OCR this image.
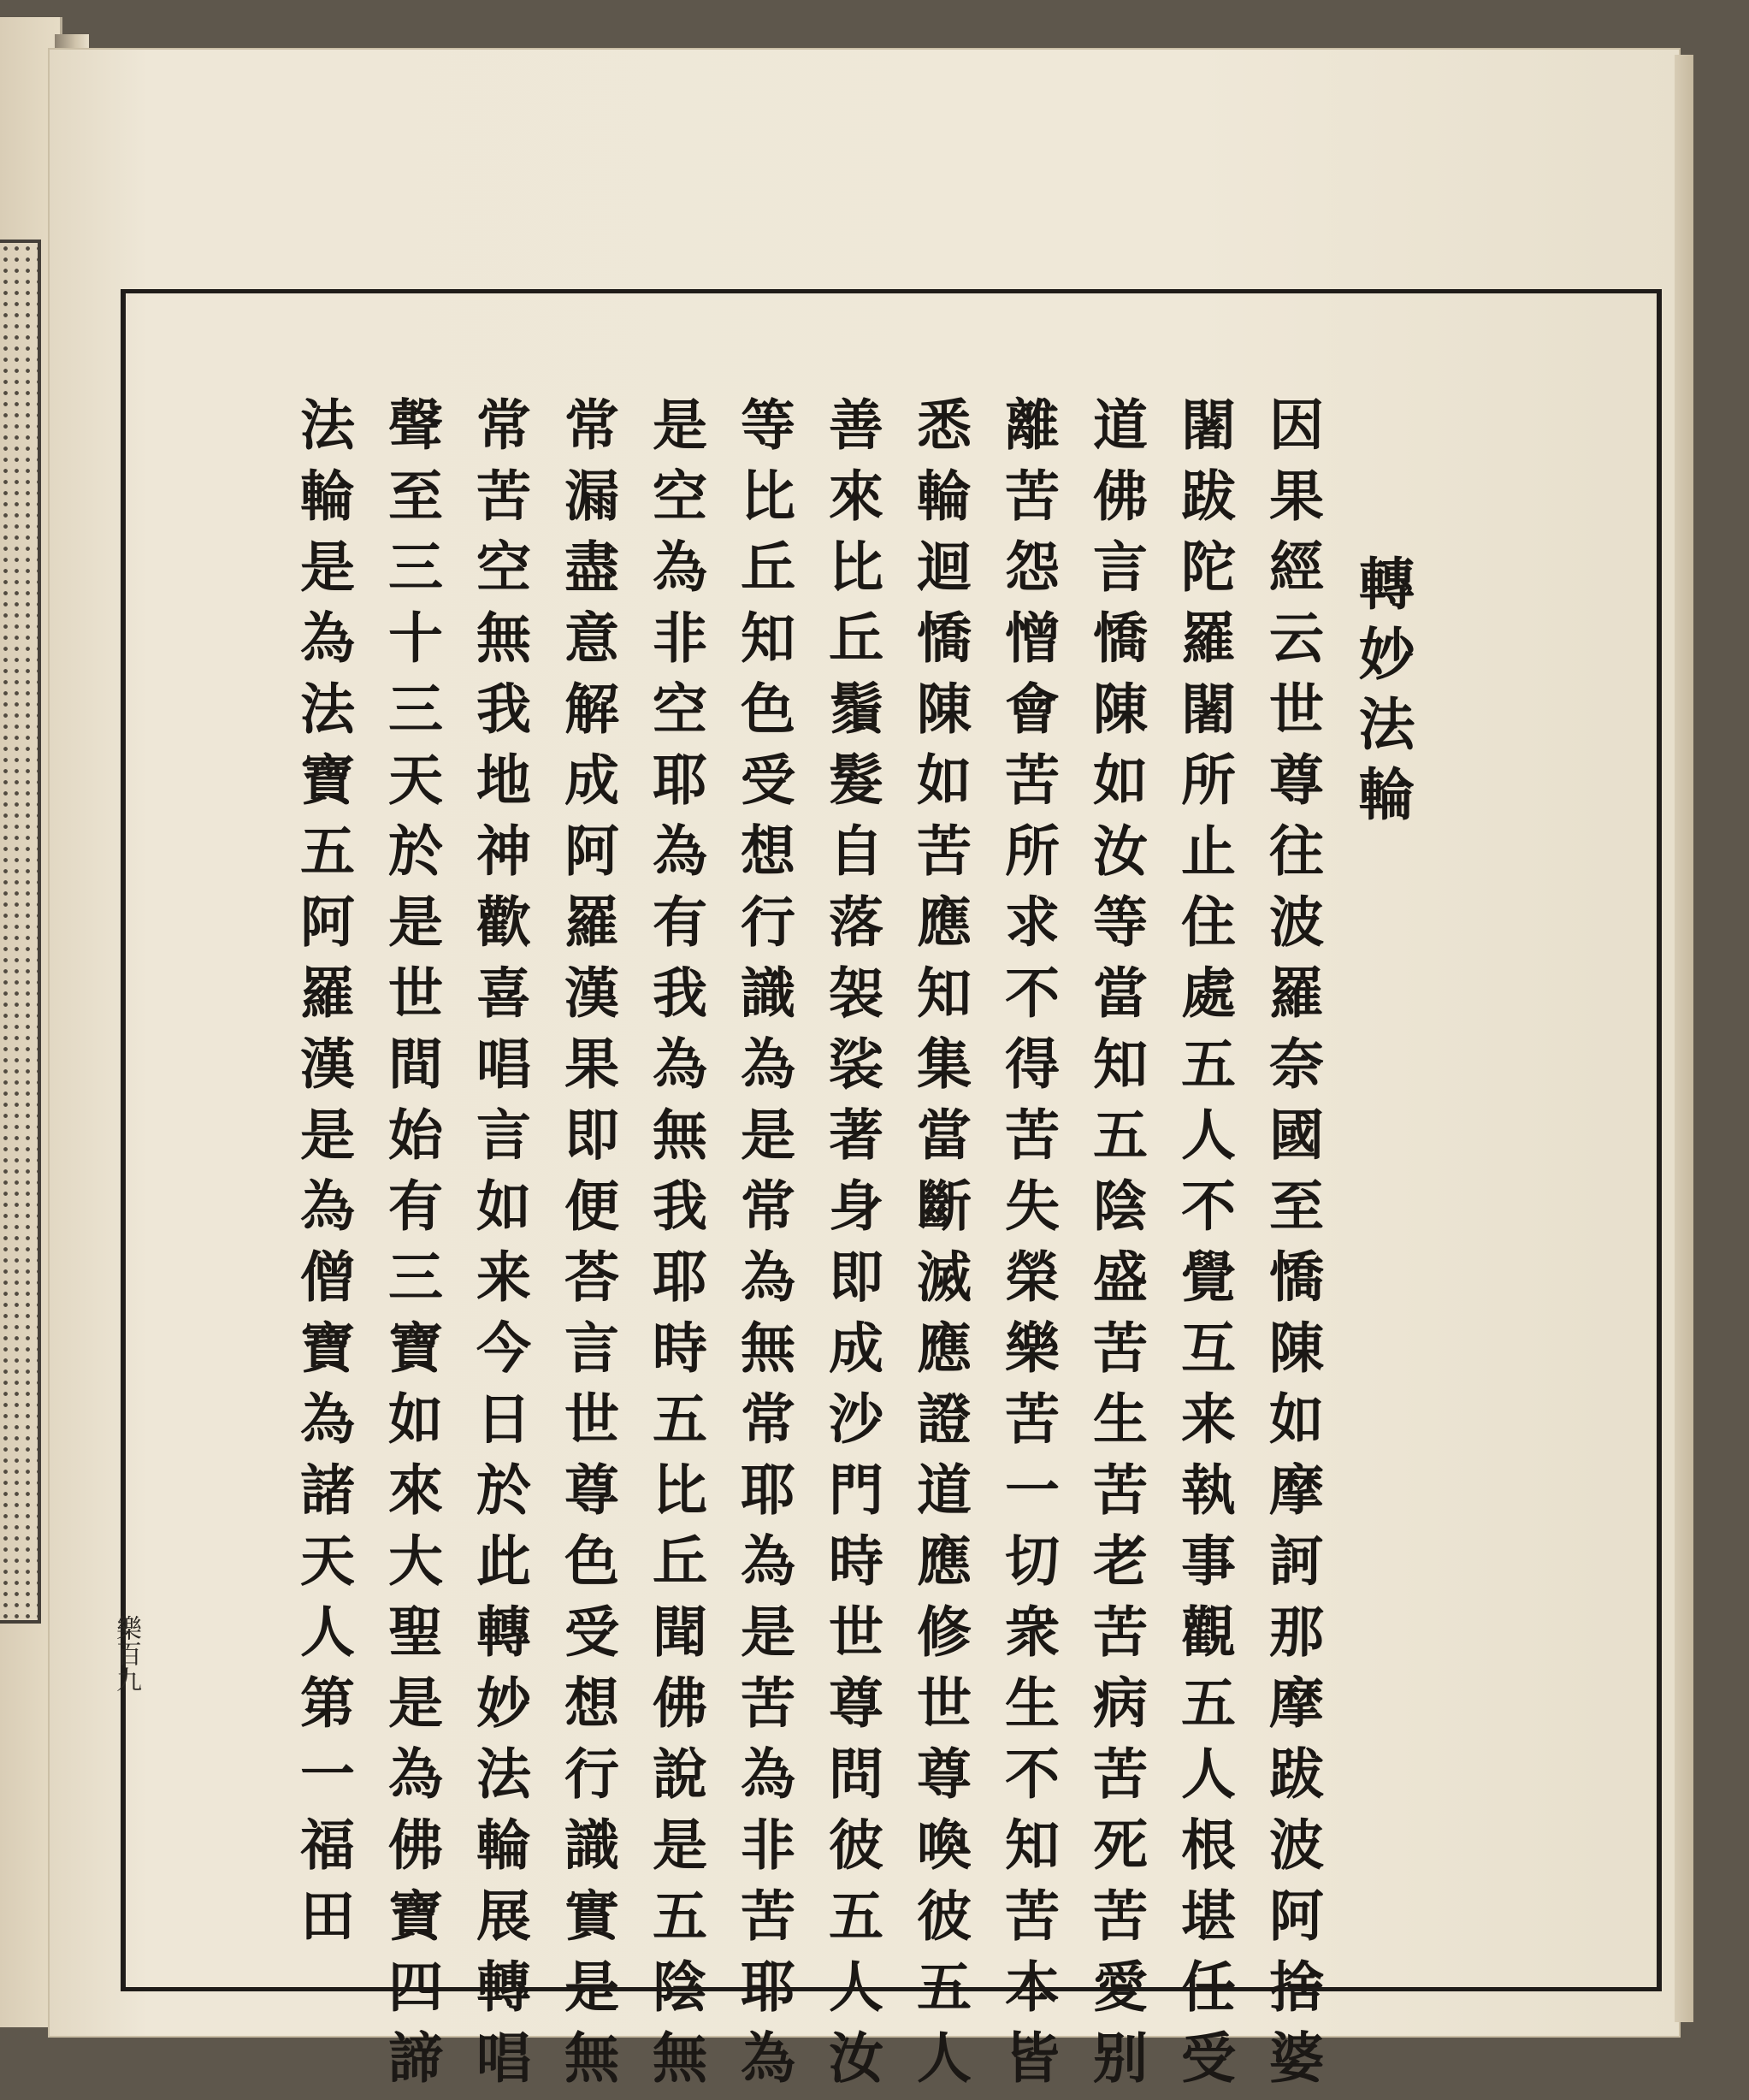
轉妙法輪
因果經云世尊往波羅奈國至憍陳如摩訶那摩跋波阿捨婆
闍跋陀羅闍所止住處五人不覺互来執事觀五人根堪任受
道佛言憍陳如汝等當知五陰盛苦生苦老苦病苦死苦愛别
離苦怨憎會苦所求不得苦失榮樂苦一切衆生不知苦本皆
悉輪迴憍陳如苦應知集當斷滅應證道應修世尊喚彼五人
善來比丘鬚髮自落袈裟著身即成沙門時世尊問彼五人汝
等比丘知色受想行識為是常為無常耶為是苦為非苦耶為
是空為非空耶為有我為無我耶時五比丘聞佛說是五陰無
常漏盡意解成阿羅漢果即便荅言世尊色受想行識實是無
常苦空無我地神歡喜唱言如来今日於此轉妙法輪展轉唱
聲至三十三天於是世間始有三寶如來大聖是為佛寶四諦
法輪是為法寶五阿羅漢是為僧寶為諸天人第一福田
樂百九
